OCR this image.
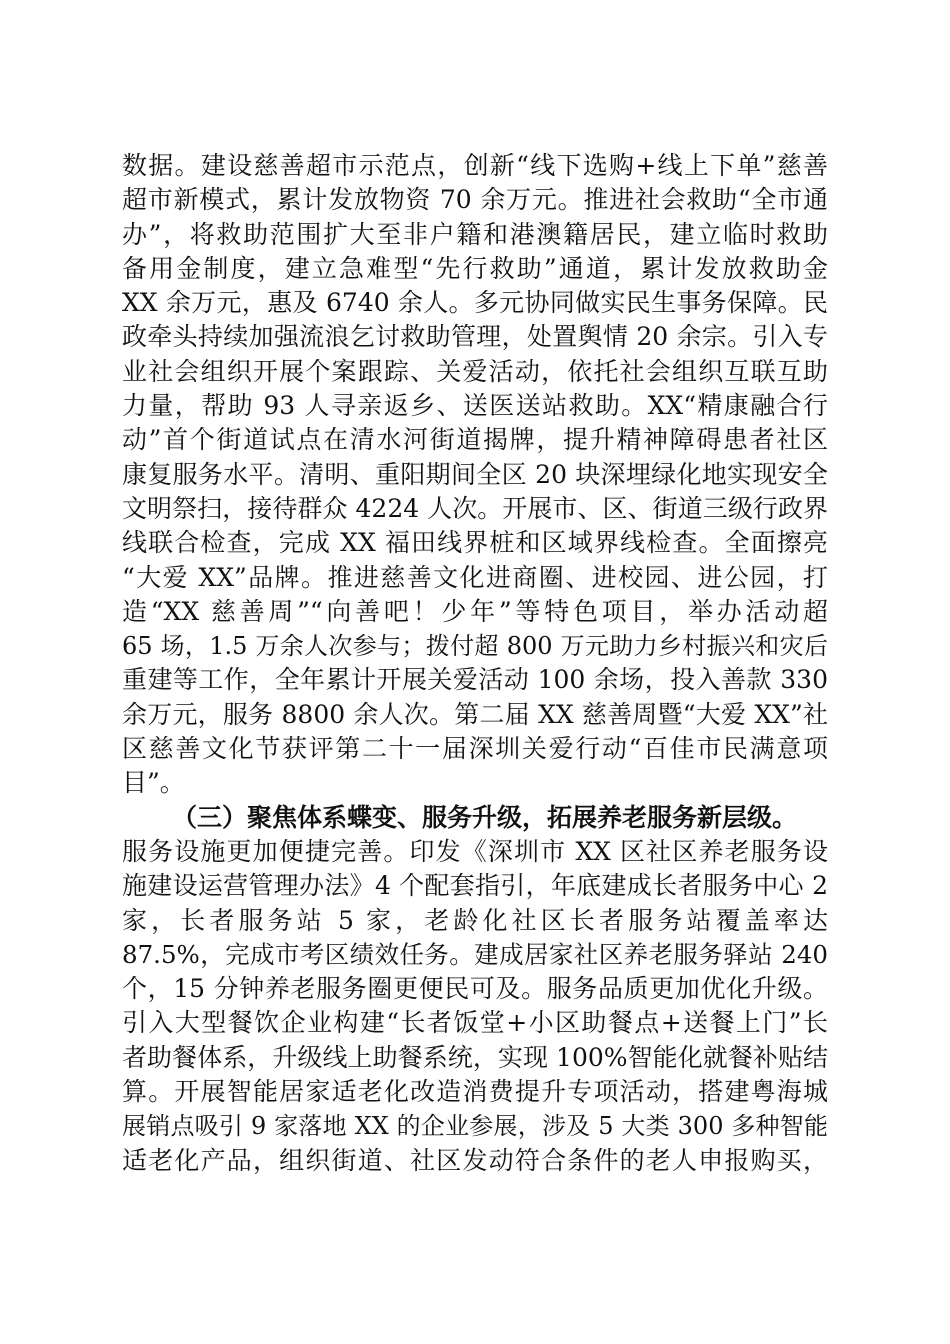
数据。建设慈善超市示范点，创新“线下选购+线上下单”慈善
超市新模式，累计发放物资 70 余万元。推进社会救助“全市通
办”，将救助范围扩大至非户籍和港澳籍居民，建立临时救助
备用金制度，建立急难型“先行救助”通道，累计发放救助金
XX 余万元，惠及 6740 余人。多元协同做实民生事务保障。民
政牵头持续加强流浪乞讨救助管理，处置舆情 20 余宗。引入专
业社会组织开展个案跟踪、关爱活动，依托社会组织互联互助
力量，帮助 93 人寻亲返乡、送医送站救助。XX“精康融合行
动”首个街道试点在清水河街道揭牌，提升精神障碍患者社区
康复服务水平。清明、重阳期间全区 20 块深埋绿化地实现安全
文明祭扫，接待群众 4224 人次。开展市、区、街道三级行政界
线联合检查，完成 XX 福田线界桩和区域界线检查。全面擦亮
“大爱 XX”品牌。推进慈善文化进商圈、进校园、进公园，打
造“XX 慈善周”“向善吧！少年”等特色项目，举办活动超
65 场，1.5 万余人次参与；拨付超 800 万元助力乡村振兴和灾后
重建等工作，全年累计开展关爱活动 100 余场，投入善款 330
余万元，服务 8800 余人次。第二届 XX 慈善周暨“大爱 XX”社
区慈善文化节获评第二十一届深圳关爱行动“百佳市民满意项
目”。
（三）聚焦体系蝶变、服务升级，拓展养老服务新层级。
服务设施更加便捷完善。印发《深圳市 XX 区社区养老服务设
施建设运营管理办法》4 个配套指引，年底建成长者服务中心 2
家，长者服务站 5 家，老龄化社区长者服务站覆盖率达
87.5%，完成市考区绩效任务。建成居家社区养老服务驿站 240
个，15 分钟养老服务圈更便民可及。服务品质更加优化升级。
引入大型餐饮企业构建“长者饭堂+小区助餐点+送餐上门”长
者助餐体系，升级线上助餐系统，实现 100%智能化就餐补贴结
算。开展智能居家适老化改造消费提升专项活动，搭建粤海城
展销点吸引 9 家落地 XX 的企业参展，涉及 5 大类 300 多种智能
适老化产品，组织街道、社区发动符合条件的老人申报购买，
